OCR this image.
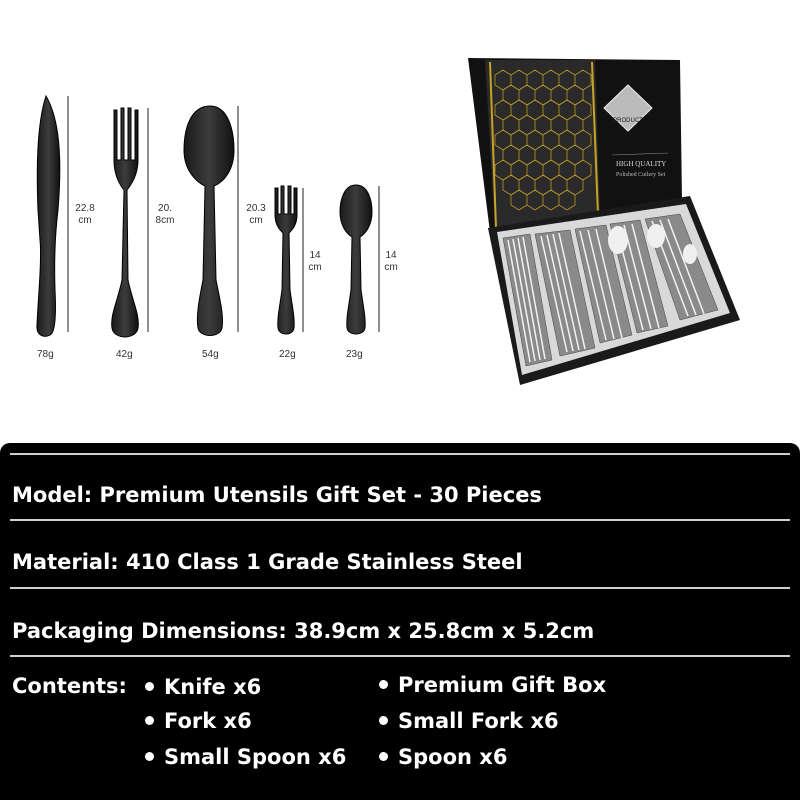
PRODUCT
HIGH QUALITY
Polished Cutlery Set
22.8
cm
20.
8cm
20.3
cm
14
cm
14
cm
78g	42g	54g	22g	23g
Model: Premium Utensils Gift Set - 30 Pieces
Material: 410 Class 1 Grade Stainless Steel
Packaging Dimensions: 38.9cm x 25.8cm x 5.2cm
Contents:	Knife x6
Fork x6
Small Spoon x6
Premium Gift Box
Small Fork x6
Spoon x6
